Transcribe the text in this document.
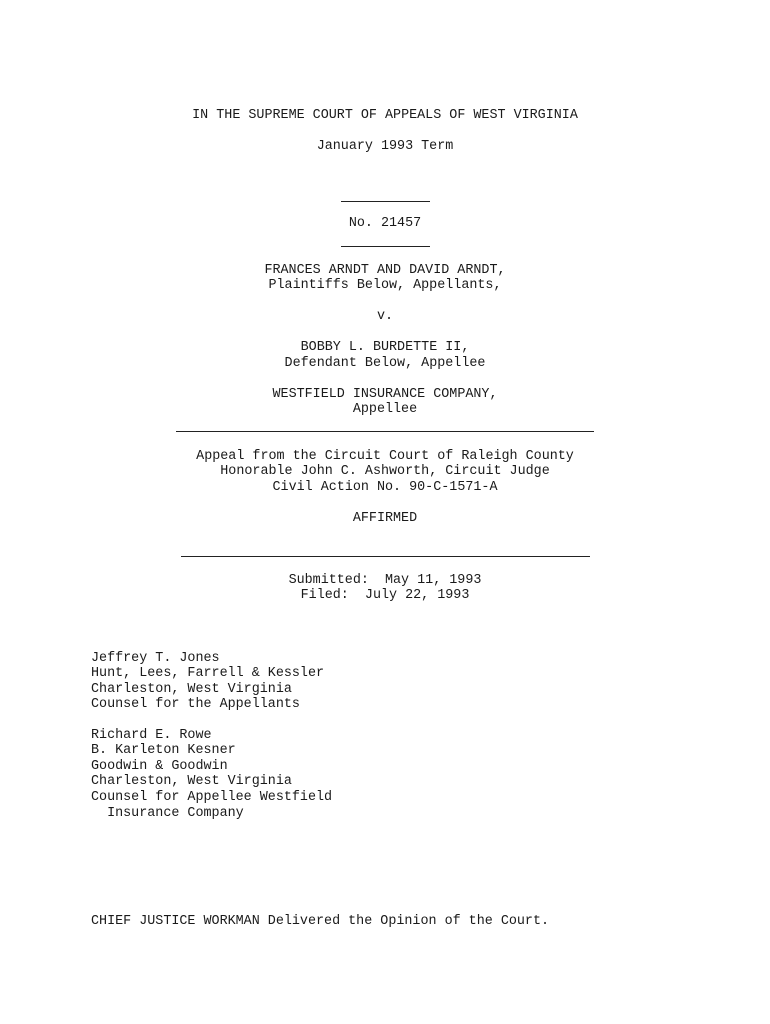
IN THE SUPREME COURT OF APPEALS OF WEST VIRGINIA
January 1993 Term
No. 21457
FRANCES ARNDT AND DAVID ARNDT,
Plaintiffs Below, Appellants,
v.
BOBBY L. BURDETTE II,
Defendant Below, Appellee
WESTFIELD INSURANCE COMPANY,
Appellee
Appeal from the Circuit Court of Raleigh County
Honorable John C. Ashworth, Circuit Judge
Civil Action No. 90-C-1571-A
AFFIRMED
Submitted:  May 11, 1993
Filed:  July 22, 1993
Jeffrey T. Jones
Hunt, Lees, Farrell & Kessler
Charleston, West Virginia
Counsel for the Appellants
Richard E. Rowe
B. Karleton Kesner
Goodwin & Goodwin
Charleston, West Virginia
Counsel for Appellee Westfield
Insurance Company
CHIEF JUSTICE WORKMAN Delivered the Opinion of the Court.
